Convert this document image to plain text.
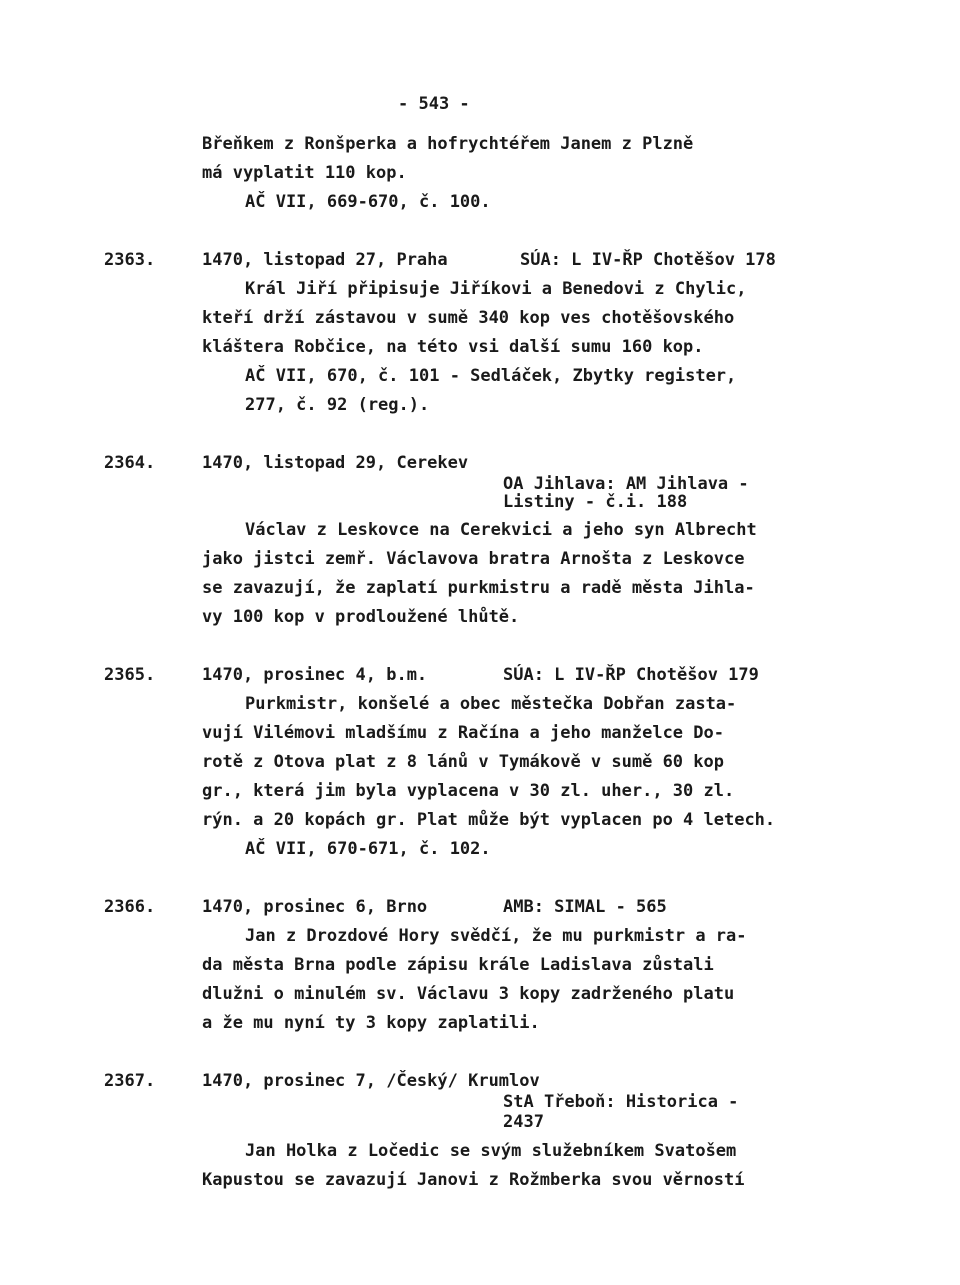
- 543 -
Břeňkem z Ronšperka a hofrychtéřem Janem z Plzně
má vyplatit 110 kop.
AČ VII, 669-670, č. 100.
2363.	1470, listopad 27, Praha	SÚA: L IV-ŘP Chotěšov 178
Král Jiří připisuje Jiříkovi a Benedovi z Chylic,
kteří drží zástavou v sumě 340 kop ves chotěšovského
kláštera Robčice, na této vsi další sumu 160 kop.
AČ VII, 670, č. 101 - Sedláček, Zbytky register,
277, č. 92 (reg.).
2364.	1470, listopad 29, Cerekev
OA Jihlava: AM Jihlava -
Listiny - č.i. 188
Václav z Leskovce na Cerekvici a jeho syn Albrecht
jako jistci zemř. Václavova bratra Arnošta z Leskovce
se zavazují, že zaplatí purkmistru a radě města Jihla-
vy 100 kop v prodloužené lhůtě.
2365.	1470, prosinec 4, b.m.	SÚA: L IV-ŘP Chotěšov 179
Purkmistr, konšelé a obec městečka Dobřan zasta-
vují Vilémovi mladšímu z Račína a jeho manželce Do-
rotě z Otova plat z 8 lánů v Tymákově v sumě 60 kop
gr., která jim byla vyplacena v 30 zl. uher., 30 zl.
rýn. a 20 kopách gr. Plat může být vyplacen po 4 letech.
AČ VII, 670-671, č. 102.
2366.	1470, prosinec 6, Brno	AMB: SIMAL - 565
Jan z Drozdové Hory svědčí, že mu purkmistr a ra-
da města Brna podle zápisu krále Ladislava zůstali
dlužni o minulém sv. Václavu 3 kopy zadrženého platu
a že mu nyní ty 3 kopy zaplatili.
2367.	1470, prosinec 7, /Český/ Krumlov
StA Třeboň: Historica -
2437
Jan Holka z Ločedic se svým služebníkem Svatošem
Kapustou se zavazují Janovi z Rožmberka svou věrností
